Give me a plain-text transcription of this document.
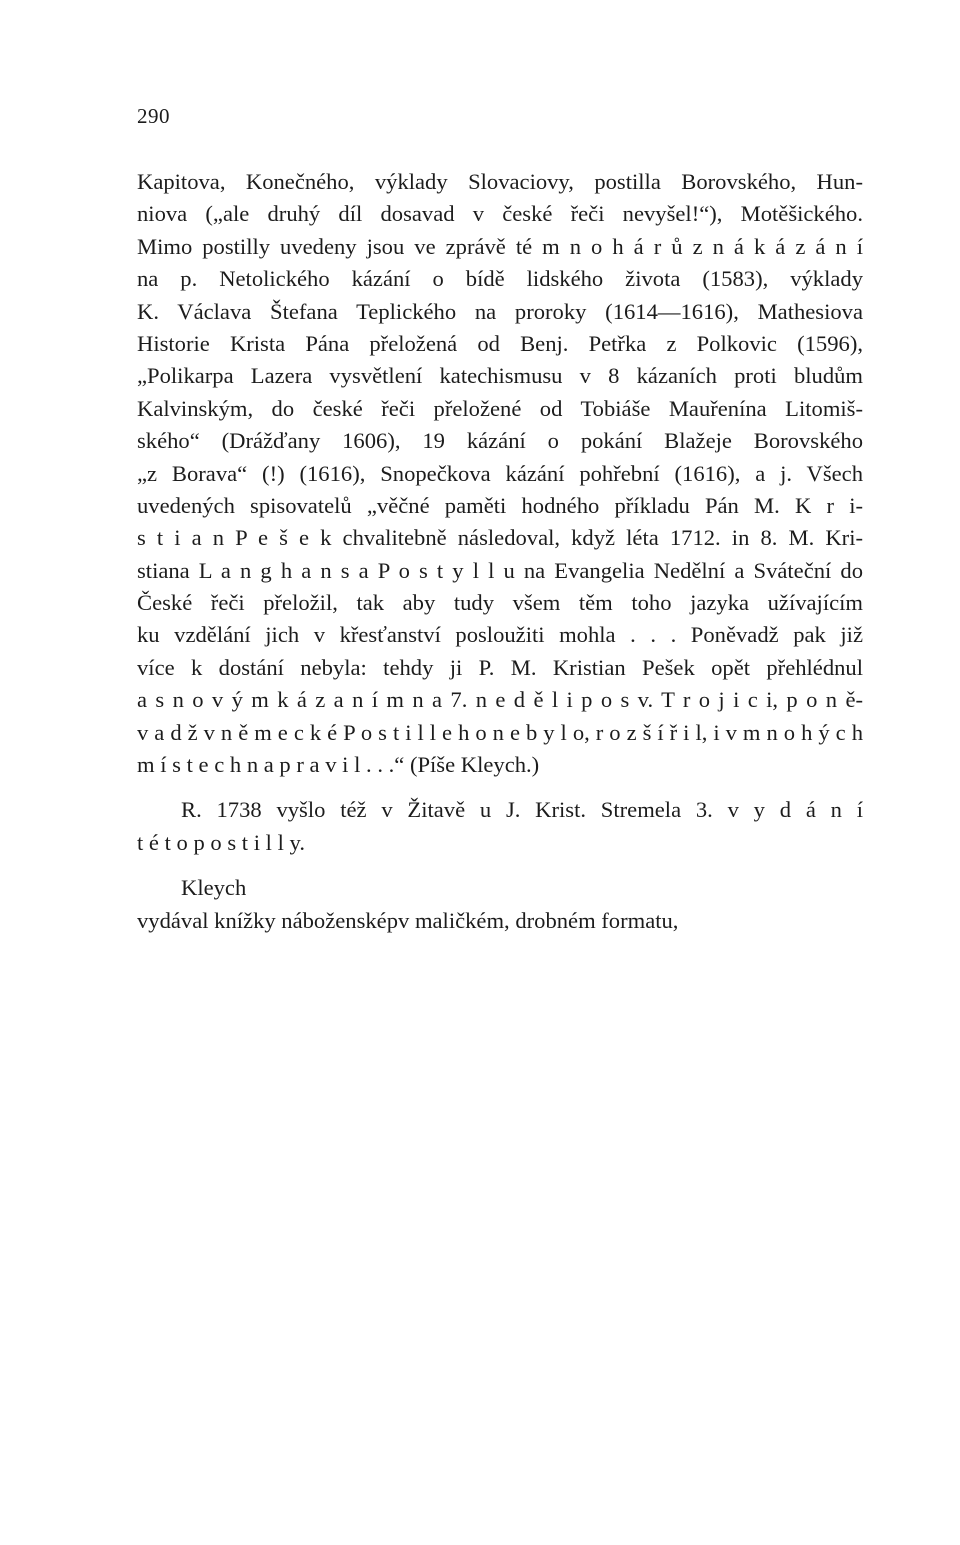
290
Kapitova, Konečného, výklady Slovaciovy, postilla Borovského, Hun-
niova („ale druhý díl dosavad v české řeči nevyšel!“), Motěšického.
Mimo postilly uvedeny jsou ve zprávě té m n o h á r ů z n á k á z á n í
na p. Netolického kázání o bídě lidského života (1583), výklady
K. Václava Štefana Teplického na proroky (1614—1616), Mathesiova
Historie Krista Pána přeložená od Benj. Petřka z Polkovic (1596),
„Polikarpa Lazera vysvětlení katechismusu v 8 kázaních proti bludům
Kalvinským, do české řeči přeložené od Tobiáše Mauřenína Litomiš-
ského“ (Drážďany 1606), 19 kázání o pokání Blažeje Borovského
„z Borava“ (!) (1616), Snopečkova kázání pohřební (1616), a j. Všech
uvedených spisovatelů „věčné paměti hodného příkladu Pán M. K r i-
s t i a n P e š e k chvalitebně následoval, když léta 1712. in 8. M. Kri-
stiana L a n g h a n s a P o s t y l l u na Evangelia Nedělní a Sváteční do
České řeči přeložil, tak aby tudy všem těm toho jazyka užívajícím
ku vzdělání jich v křesťanství posloužiti mohla . . . Poněvadž pak již
více k dostání nebyla: tehdy ji P. M. Kristian Pešek opět přehlédnul
a s n o v ý m k á z a n í m n a 7. n e d ě l i p o s v. T r o j i c i, p o n ě-
v a d ž v n ě m e c k é P o s t i l l e h o n e b y l o, r o z š í ř i l, i v m n o h ý c h
m í s t e c h n a p r a v i l . . .“ (Píše Kleych.)
R. 1738 vyšlo též v Žitavě u J. Krist. Stremela 3. v y d á n í
t é t o p o s t i l l y.
Kleych
vydával knížky nábožensképv maličkém, drobném formatu,
